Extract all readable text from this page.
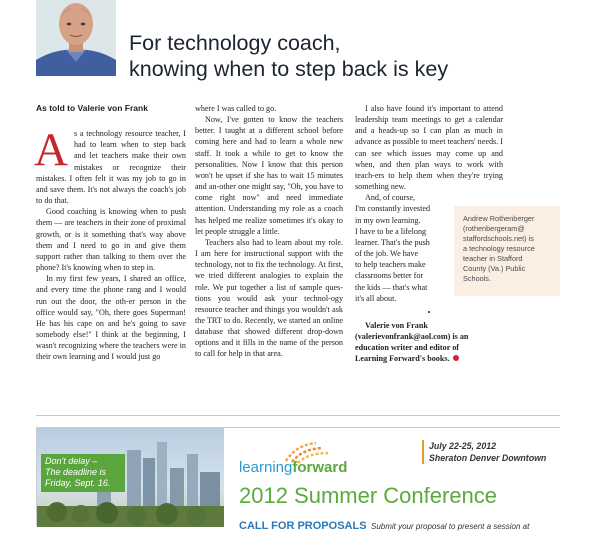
For technology coach,
knowing when to step back is key

As told to Valerie von Frank

As a technology resource teacher, I had to learn when to step back and let teachers make their own mistakes or recognize their mistakes. I often felt it was my job to go in and save them. It's not always the coach's job to do that.

Good coaching is knowing when to push them — are teachers in their zone of proximal growth, or is it something that's way above them and I need to go in and give them support rather than talking to them over the phone? It's knowing when to step in.

In my first few years, I shared an office, and every time the phone rang and I would run out the door, the oth-er person in the office would say, "Oh, there goes Superman! He has his cape on and he's going to save somebody else!" I think at the beginning, I wasn't recognizing where the teachers were in their own learning and I would just go

where I was called to go.

Now, I've gotten to know the teachers better. I taught at a different school before coming here and had to learn a whole new staff. It took a while to get to know the personalities. Now I know that this person won't be upset if she has to wait 15 minutes and an-other one might say, "Oh, you have to come right now" and need immediate attention. Understanding my role as a coach has helped me realize sometimes it's okay to let people struggle a little.

Teachers also had to learn about my role. I am here for instructional support with the technology, not to fix the technology. At first, we tried different analogies to explain the role. We put together a list of sample ques-tions you would ask your technol-ogy resource teacher and things you wouldn't ask the TRT to do. Recently, we started an online database that showed different drop-down options and it fills in the name of the person to call for help in that area.

I also have found it's important to attend leadership team meetings to get a calendar and a heads-up so I can plan as much in advance as possible to meet teachers' needs. I can see which issues may come up and when, and then plan ways to work with teach-ers to help them when they're trying something new.

And, of course,
I'm constantly invested
in my own learning.
I have to be a lifelong
learner. That's the push
of the job. We have
to help teachers make
classrooms better for
the kids — that's what
it's all about.

•

Valerie von Frank
(valerievonfrank@aol.com) is an
education writer and editor of
Learning Forward's books.

Andrew Rothenberger
(rothenbergeram@
staffordschools.net) is
a technology resource
teacher in Stafford
County (Va.) Public
Schools.
Don't delay –
The deadline is
Friday, Sept. 16.
July 22-25, 2012
Sheraton Denver Downtown
learningforward
2012 Summer Conference
CALL FOR PROPOSALS Submit your proposal to present a session at
